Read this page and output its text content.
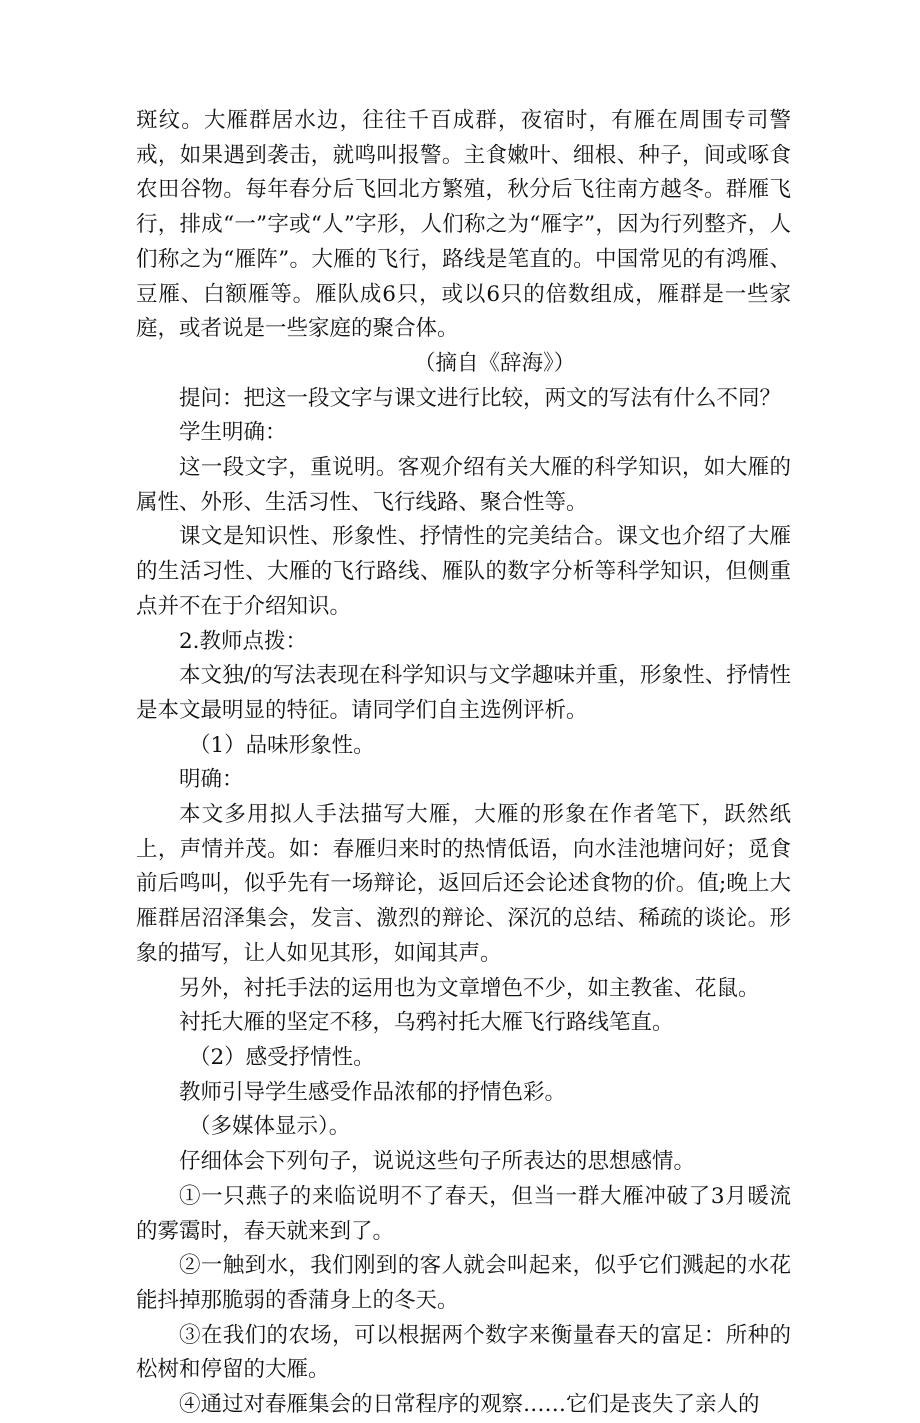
斑纹。大雁群居水边，往往千百成群，夜宿时，有雁在周围专司警戒，如果遇到袭击，就鸣叫报警。主食嫩叶、细根、种子，间或啄食农田谷物。每年春分后飞回北方繁殖，秋分后飞往南方越冬。群雁飞行，排成“一”字或“人”字形，人们称之为“雁字”，因为行列整齐，人们称之为“雁阵”。大雁的飞行，路线是笔直的。中国常见的有鸿雁、豆雁、白额雁等。雁队成6只，或以6只的倍数组成，雁群是一些家庭，或者说是一些家庭的聚合体。

（摘自《辞海》）

提问：把这一段文字与课文进行比较，两文的写法有什么不同？

学生明确：

这一段文字，重说明。客观介绍有关大雁的科学知识，如大雁的属性、外形、生活习性、飞行线路、聚合性等。

课文是知识性、形象性、抒情性的完美结合。课文也介绍了大雁的生活习性、大雁的飞行路线、雁队的数字分析等科学知识，但侧重点并不在于介绍知识。

2.教师点拨：

本文独/的写法表现在科学知识与文学趣味并重，形象性、抒情性是本文最明显的特征。请同学们自主选例评析。

（1）品味形象性。

明确：

本文多用拟人手法描写大雁，大雁的形象在作者笔下，跃然纸上，声情并茂。如：春雁归来时的热情低语，向水洼池塘问好；觅食前后鸣叫，似乎先有一场辩论，返回后还会论述食物的价。值;晚上大雁群居沼泽集会，发言、激烈的辩论、深沉的总结、稀疏的谈论。形象的描写，让人如见其形，如闻其声。

另外，衬托手法的运用也为文章增色不少，如主教雀、花鼠。

衬托大雁的坚定不移，乌鸦衬托大雁飞行路线笔直。

（2）感受抒情性。

教师引导学生感受作品浓郁的抒情色彩。

（多媒体显示）。

仔细体会下列句子，说说这些句子所表达的思想感情。

①一只燕子的来临说明不了春天，但当一群大雁冲破了3月暖流的雾霭时，春天就来到了。

②一触到水，我们刚到的客人就会叫起来，似乎它们溅起的水花能抖掉那脆弱的香蒲身上的冬天。

③在我们的农场，可以根据两个数字来衡量春天的富足：所种的松树和停留的大雁。

④通过对春雁集会的日常程序的观察……它们是丧失了亲人的
